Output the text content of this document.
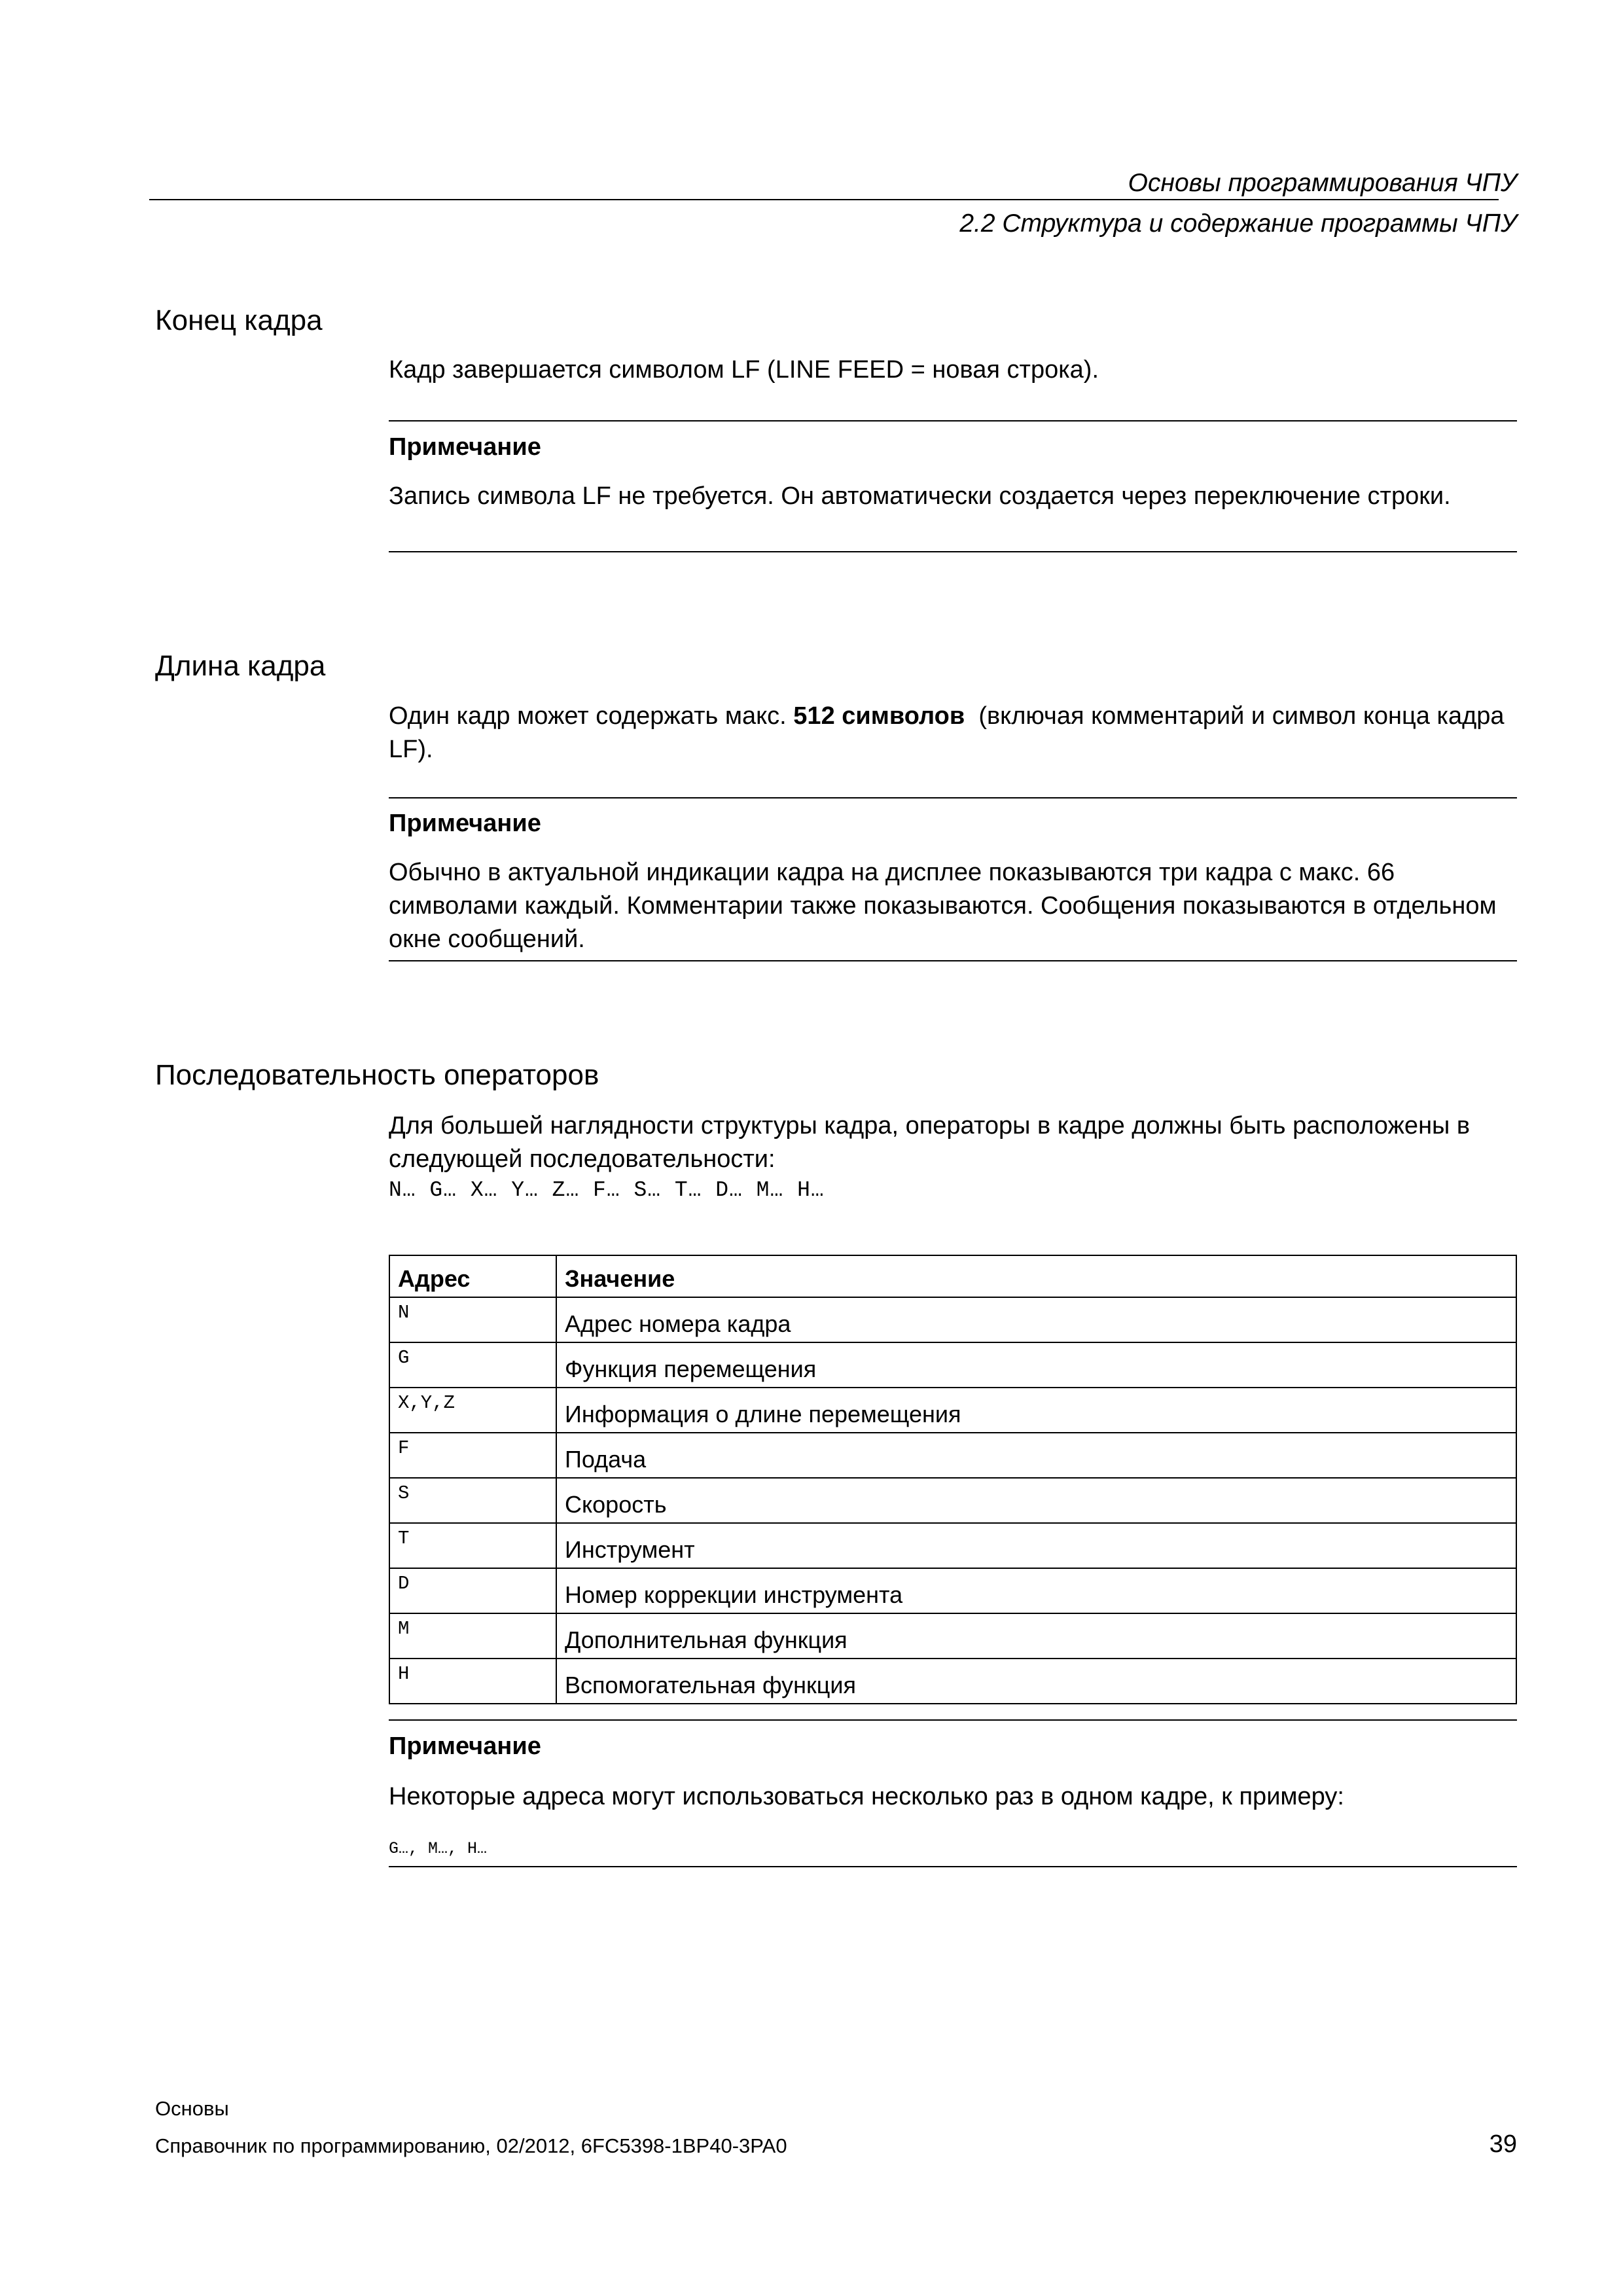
Основы программирования ЧПУ
2.2 Структура и содержание программы ЧПУ
Конец кадра
Кадр завершается символом LF (LINE FEED = новая строка).
Примечание
Запись символа LF не требуется. Он автоматически создается через переключение строки.
Длина кадра
Один кадр может содержать макс. 512 символов (включая комментарий и символ конца кадра LF).
Примечание
Обычно в актуальной индикации кадра на дисплее показываются три кадра с макс. 66 символами каждый. Комментарии также показываются. Сообщения показываются в отдельном окне сообщений.
Последовательность операторов
Для большей наглядности структуры кадра, операторы в кадре должны быть расположены в следующей последовательности:
N… G… X… Y… Z… F… S… T… D… M… H…
Адрес	Значение
N	Адрес номера кадра
G	Функция перемещения
X,Y,Z	Информация о длине перемещения
F	Подача
S	Скорость
T	Инструмент
D	Номер коррекции инструмента
M	Дополнительная функция
H	Вспомогательная функция
Примечание
Некоторые адреса могут использоваться несколько раз в одном кадре, к примеру:
G…, M…, H…
Основы
Справочник по программированию, 02/2012, 6FC5398-1BP40-3PA0	39
